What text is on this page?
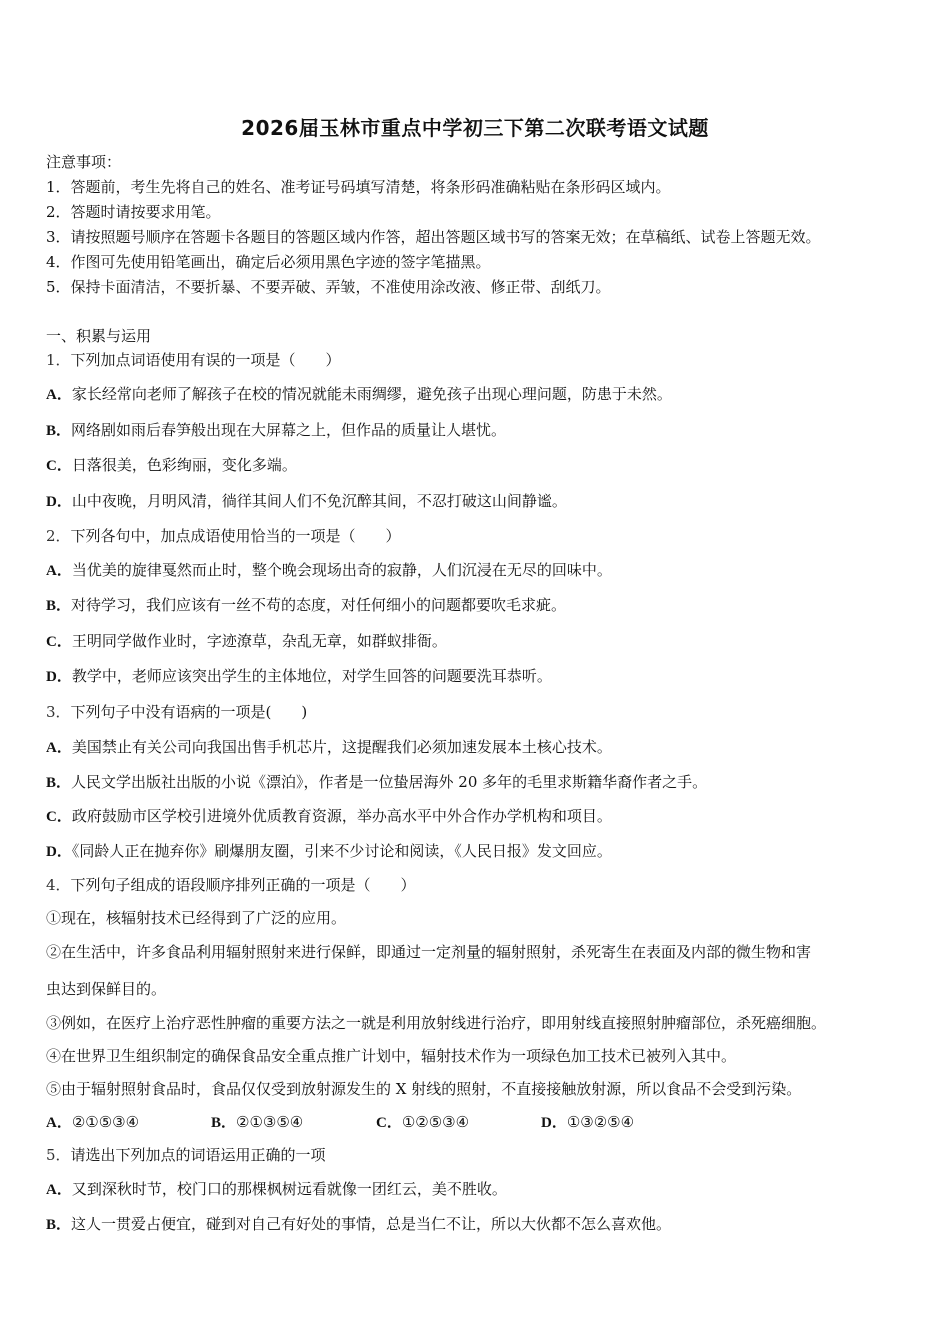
2026届玉林市重点中学初三下第二次联考语文试题
注意事项：
1．答题前，考生先将自己的姓名、准考证号码填写清楚，将条形码准确粘贴在条形码区域内。
2．答题时请按要求用笔。
3．请按照题号顺序在答题卡各题目的答题区域内作答，超出答题区域书写的答案无效；在草稿纸、试卷上答题无效。
4．作图可先使用铅笔画出，确定后必须用黑色字迹的签字笔描黑。
5．保持卡面清洁，不要折暴、不要弄破、弄皱，不准使用涂改液、修正带、刮纸刀。
一、积累与运用
1．下列加点词语使用有误的一项是（　　）
A．家长经常向老师了解孩子在校的情况就能未雨绸缪，避免孩子出现心理问题，防患于未然。
B．网络剧如雨后春笋般出现在大屏幕之上，但作品的质量让人堪忧。
C．日落很美，色彩绚丽，变化多端。
D．山中夜晚，月明风清，徜徉其间人们不免沉醉其间，不忍打破这山间静谧。
2．下列各句中，加点成语使用恰当的一项是（　　）
A．当优美的旋律戛然而止时，整个晚会现场出奇的寂静，人们沉浸在无尽的回味中。
B．对待学习，我们应该有一丝不苟的态度，对任何细小的问题都要吹毛求疵。
C．王明同学做作业时，字迹潦草，杂乱无章，如群蚁排衙。
D．教学中，老师应该突出学生的主体地位，对学生回答的问题要洗耳恭听。
3．下列句子中没有语病的一项是(　　)
A．美国禁止有关公司向我国出售手机芯片，这提醒我们必须加速发展本土核心技术。
B．人民文学出版社出版的小说《漂泊》，作者是一位蛰居海外 20 多年的毛里求斯籍华裔作者之手。
C．政府鼓励市区学校引进境外优质教育资源，举办高水平中外合作办学机构和项目。
D．《同龄人正在抛弃你》刷爆朋友圈，引来不少讨论和阅读，《人民日报》发文回应。
4．下列句子组成的语段顺序排列正确的一项是（　　）
①现在，核辐射技术已经得到了广泛的应用。
②在生活中，许多食品利用辐射照射来进行保鲜，即通过一定剂量的辐射照射，杀死寄生在表面及内部的微生物和害
虫达到保鲜目的。
③例如，在医疗上治疗恶性肿瘤的重要方法之一就是利用放射线进行治疗，即用射线直接照射肿瘤部位，杀死癌细胞。
④在世界卫生组织制定的确保食品安全重点推广计划中，辐射技术作为一项绿色加工技术已被列入其中。
⑤由于辐射照射食品时，食品仅仅受到放射源发生的 X 射线的照射，不直接接触放射源，所以食品不会受到污染。
A．②①⑤③④	B．②①③⑤④	C．①②⑤③④	D．①③②⑤④
5．请选出下列加点的词语运用正确的一项
A．又到深秋时节，校门口的那棵枫树远看就像一团红云，美不胜收。
B．这人一贯爱占便宜，碰到对自己有好处的事情，总是当仁不让，所以大伙都不怎么喜欢他。
